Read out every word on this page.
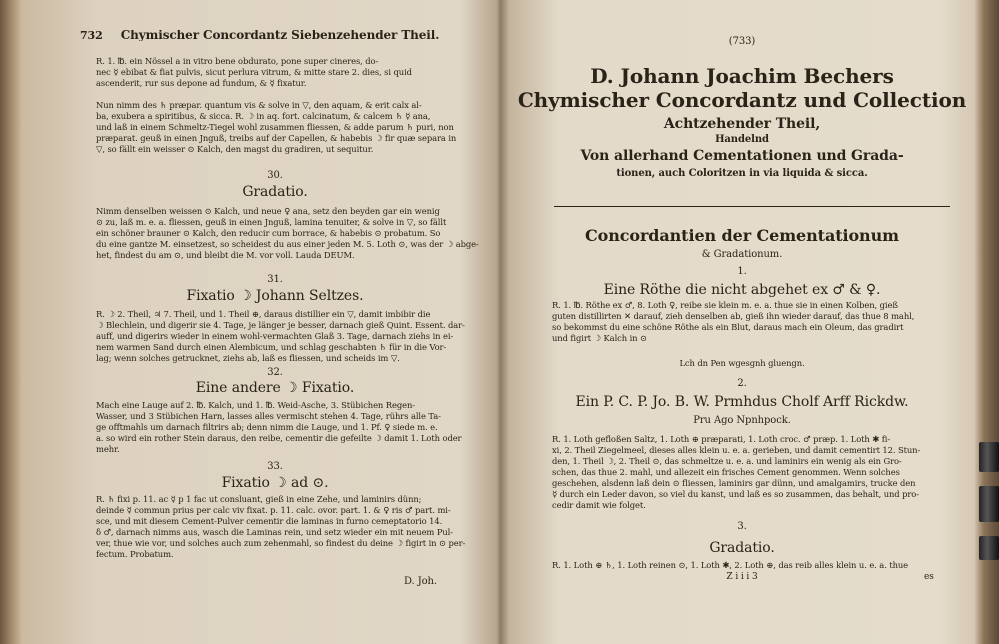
732	Chymischer Concordantz Siebenzehender Theil.
R. 1. ℔. ein Nössel a in vitro bene obdurato, pone super cineres, do-
nec ☿ ebibat & fiat pulvis, sicut perlura vitrum, & mitte stare 2. dies, si quid
ascenderit, rur sus depone ad fundum, & ☿ fixatur.
Nun nimm des ♄ præpar. quantum vis & solve in ▽, den aquam, & erit calx al-
ba, exubera a spiritibus, & sicca. R. ☽ in aq. fort. calcinatum, & calcem ♄ ☿ ana,
und laß in einem Schmeltz-Tiegel wohl zusammen fliessen, & adde parum ♄ puri, non
præparat. geuß in einen Jnguß, treibs auf der Capellen, & habebis ☽ fir quæ separa in
▽, so fällt ein weisser ⊙ Kalch, den magst du gradiren, ut sequitur.
30.
Gradatio.
Nimm denselben weissen ⊙ Kalch, und neue ♀ ana, setz den beyden gar ein wenig
⊙ zu, laß m. e. a. fliessen, geuß in einen Jnguß, lamina tenuiter, & solve in ▽, so fällt
ein schöner brauner ⊙ Kalch, den reducir cum borrace, & habebis ⊙ probatum. So
du eine gantze M. einsetzest, so scheidest du aus einer jeden M. 5. Loth ⊙, was der ☽ abge-
het, findest du am ⊙, und bleibt die M. vor voll. Lauda DEUM.
31.
Fixatio ☽ Johann Seltzes.
R. ☽ 2. Theil, ♃ 7. Theil, und 1. Theil ⊕, daraus distillier ein ▽, damit imbibir die
☽ Blechlein, und digerir sie 4. Tage, je länger je besser, darnach gieß Quint. Essent. dar-
auff, und digerirs wieder in einem wohl-vermachten Glaß 3. Tage, darnach ziehs in ei-
nem warmen Sand durch einen Alembicum, und schlag geschabten ♄ für in die Vor-
lag; wenn solches getrucknet, ziehs ab, laß es fliessen, und scheids im ▽.
32.
Eine andere ☽ Fixatio.
Mach eine Lauge auf 2. ℔. Kalch, und 1. ℔. Weid-Asche, 3. Stübichen Regen-
Wasser, und 3 Stübichen Harn, lasses alles vermischt stehen 4. Tage, rührs alle Ta-
ge offtmahls um darnach filtrirs ab; denn nimm die Lauge, und 1. Pf. ♀ siede m. e.
a. so wird ein rother Stein daraus, den reibe, cementir die gefeilte ☽ damit 1. Loth oder
mehr.
33.
Fixatio ☽ ad ⊙.
R. ♄ fixi p. 11. ac ☿ p 1 fac ut consluant, gieß in eine Zehe, und laminirs dünn;
deinde ☿ commun prius per calc viv fixat. p. 11. calc. ovor. part. 1. & ♀ ris ♂ part. mi-
sce, und mit diesem Cement-Pulver cementir die laminas in furno cemeptatorio 14.
δ ♂, darnach nimms aus, wasch die Laminas rein, und setz wieder ein mit neuem Pul-
ver, thue wie vor, und solches auch zum zehenmahl, so findest du deine ☽ figirt in ⊙ per-
fectum. Probatum.
D. Joh.
(733)
D. Johann Joachim Bechers
Chymischer Concordantz und Collection
Achtzehender Theil,
Handelnd
Von allerhand Cementationen und Grada-
tionen, auch Coloritzen in via liquida & sicca.
Concordantien der Cementationum
& Gradationum.
1.
Eine Röthe die nicht abgehet ex ♂ & ♀.
R. 1. ℔. Röthe ex ♂, 8. Loth ♀, reibe sie klein m. e. a. thue sie in einen Kolben, gieß
guten distillirten ✕ darauf, zieh denselben ab, gieß ihn wieder darauf, das thue 8 mahl,
so bekommst du eine schöne Röthe als ein Blut, daraus mach ein Oleum, das gradirt
und figirt ☽ Kalch in ⊙
Lch dn Pen wgesgnh gluengn.
2.
Ein P. C. P. Jo. B. W. Prmhdus Cholf Arff Rickdw.
Pru Ago Npnhpock.
R. 1. Loth gefloßen Saltz, 1. Loth ⊕ præparati, 1. Loth croc. ♂ præp. 1. Loth ✱ fi-
xi, 2. Theil Ziegelmeel, dieses alles klein u. e. a. gerieben, und damit cementirt 12. Stun-
den, 1. Theil ☽, 2. Theil ⊙, das schmeltze u. e. a. und laminirs ein wenig als ein Gro-
schen, das thue 2. mahl, und allezeit ein frisches Cement genommen. Wenn solches
geschehen, alsdenn laß dein ⊙ fliessen, laminirs gar dünn, und amalgamirs, trucke den
☿ durch ein Leder davon, so viel du kanst, und laß es so zusammen, das behalt, und pro-
cedir damit wie folget.
3.
Gradatio.
R. 1. Loth ⊕ ♄, 1. Loth reinen ⊙, 1. Loth ✱, 2. Loth ⊕, das reib alles klein u. e. a. thue
Z i i i 3	es
